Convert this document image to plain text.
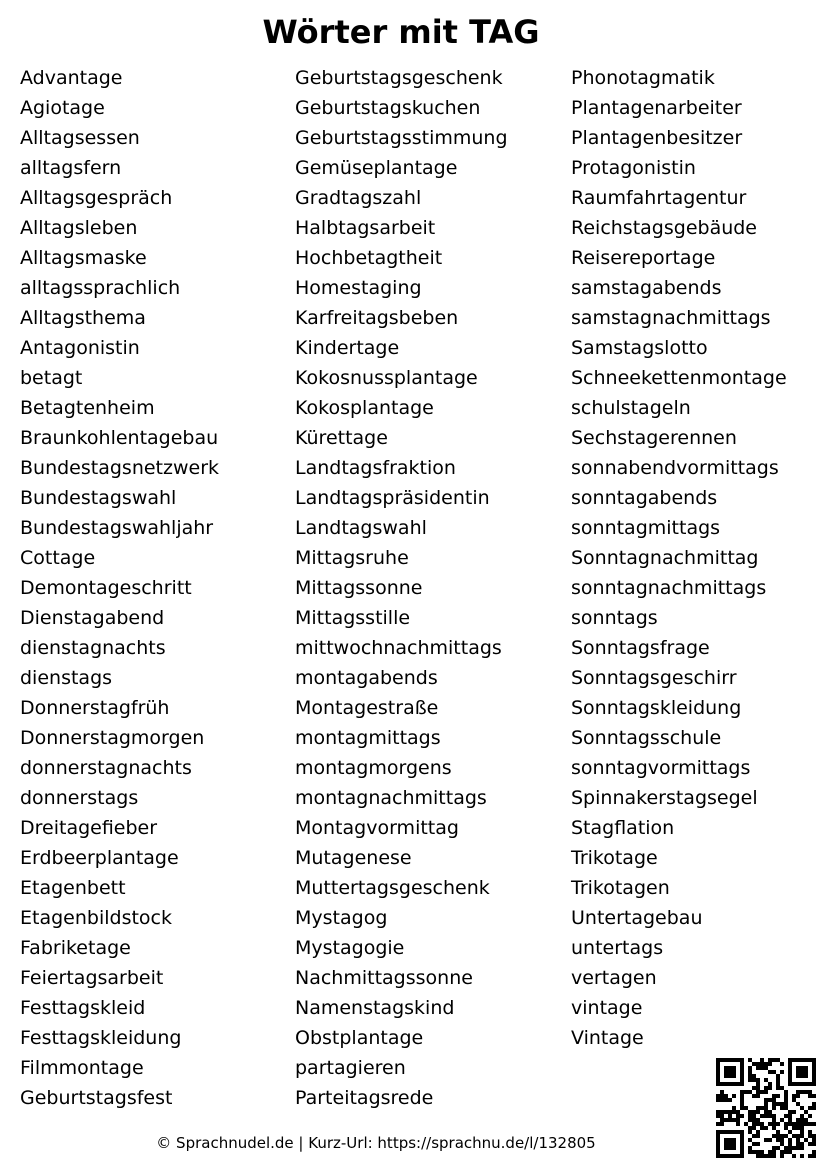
Wörter mit TAG
Advantage
Agiotage
Alltagsessen
alltagsfern
Alltagsgespräch
Alltagsleben
Alltagsmaske
alltagssprachlich
Alltagsthema
Antagonistin
betagt
Betagtenheim
Braunkohlentagebau
Bundestagsnetzwerk
Bundestagswahl
Bundestagswahljahr
Cottage
Demontageschritt
Dienstagabend
dienstagnachts
dienstags
Donnerstagfrüh
Donnerstagmorgen
donnerstagnachts
donnerstags
Dreitagefieber
Erdbeerplantage
Etagenbett
Etagenbildstock
Fabriketage
Feiertagsarbeit
Festtagskleid
Festtagskleidung
Filmmontage
Geburtstagsfest
Geburtstagsgeschenk
Geburtstagskuchen
Geburtstagsstimmung
Gemüseplantage
Gradtagszahl
Halbtagsarbeit
Hochbetagtheit
Homestaging
Karfreitagsbeben
Kindertage
Kokosnussplantage
Kokosplantage
Kürettage
Landtagsfraktion
Landtagspräsidentin
Landtagswahl
Mittagsruhe
Mittagssonne
Mittagsstille
mittwochnachmittags
montagabends
Montagestraße
montagmittags
montagmorgens
montagnachmittags
Montagvormittag
Mutagenese
Muttertagsgeschenk
Mystagog
Mystagogie
Nachmittagssonne
Namenstagskind
Obstplantage
partagieren
Parteitagsrede
Phonotagmatik
Plantagenarbeiter
Plantagenbesitzer
Protagonistin
Raumfahrtagentur
Reichstagsgebäude
Reisereportage
samstagabends
samstagnachmittags
Samstagslotto
Schneekettenmontage
schulstageln
Sechstagerennen
sonnabendvormittags
sonntagabends
sonntagmittags
Sonntagnachmittag
sonntagnachmittags
sonntags
Sonntagsfrage
Sonntagsgeschirr
Sonntagskleidung
Sonntagsschule
sonntagvormittags
Spinnakerstagsegel
Stagflation
Trikotage
Trikotagen
Untertagebau
untertags
vertagen
vintage
Vintage
© Sprachnudel.de | Kurz-Url: https://sprachnu.de/l/132805
